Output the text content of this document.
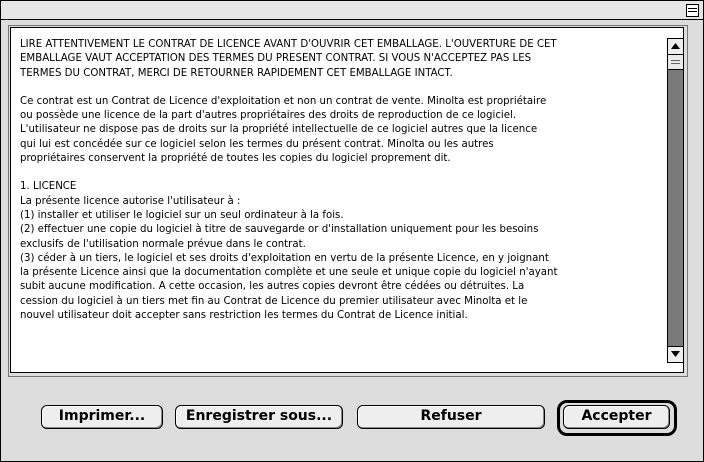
LIRE ATTENTIVEMENT LE CONTRAT DE LICENCE AVANT D'OUVRIR CET EMBALLAGE. L'OUVERTURE DE CET

EMBALLAGE VAUT ACCEPTATION DES TERMES DU PRESENT CONTRAT. SI VOUS N'ACCEPTEZ PAS LES

TERMES DU CONTRAT, MERCI DE RETOURNER RAPIDEMENT CET EMBALLAGE INTACT.

Ce contrat est un Contrat de Licence d'exploitation et non un contrat de vente. Minolta est propriétaire

ou possède une licence de la part d'autres propriétaires des droits de reproduction de ce logiciel.

L'utilisateur ne dispose pas de droits sur la propriété intellectuelle de ce logiciel autres que la licence

qui lui est concédée sur ce logiciel selon les termes du présent contrat. Minolta ou les autres

propriétaires conservent la propriété de toutes les copies du logiciel proprement dit.

1. LICENCE

La présente licence autorise l'utilisateur à :

(1) installer et utiliser le logiciel sur un seul ordinateur à la fois.

(2) effectuer une copie du logiciel à titre de sauvegarde or d'installation uniquement pour les besoins

exclusifs de l'utilisation normale prévue dans le contrat.

(3) céder à un tiers, le logiciel et ses droits d'exploitation en vertu de la présente Licence, en y joignant

la présente Licence ainsi que la documentation complète et une seule et unique copie du logiciel n'ayant

subit aucune modification. A cette occasion, les autres copies devront être cédées ou détruites. La

cession du logiciel à un tiers met fin au Contrat de Licence du premier utilisateur avec Minolta et le

nouvel utilisateur doit accepter sans restriction les termes du Contrat de Licence initial.

Imprimer...	Enregistrer sous...	Refuser	Accepter
